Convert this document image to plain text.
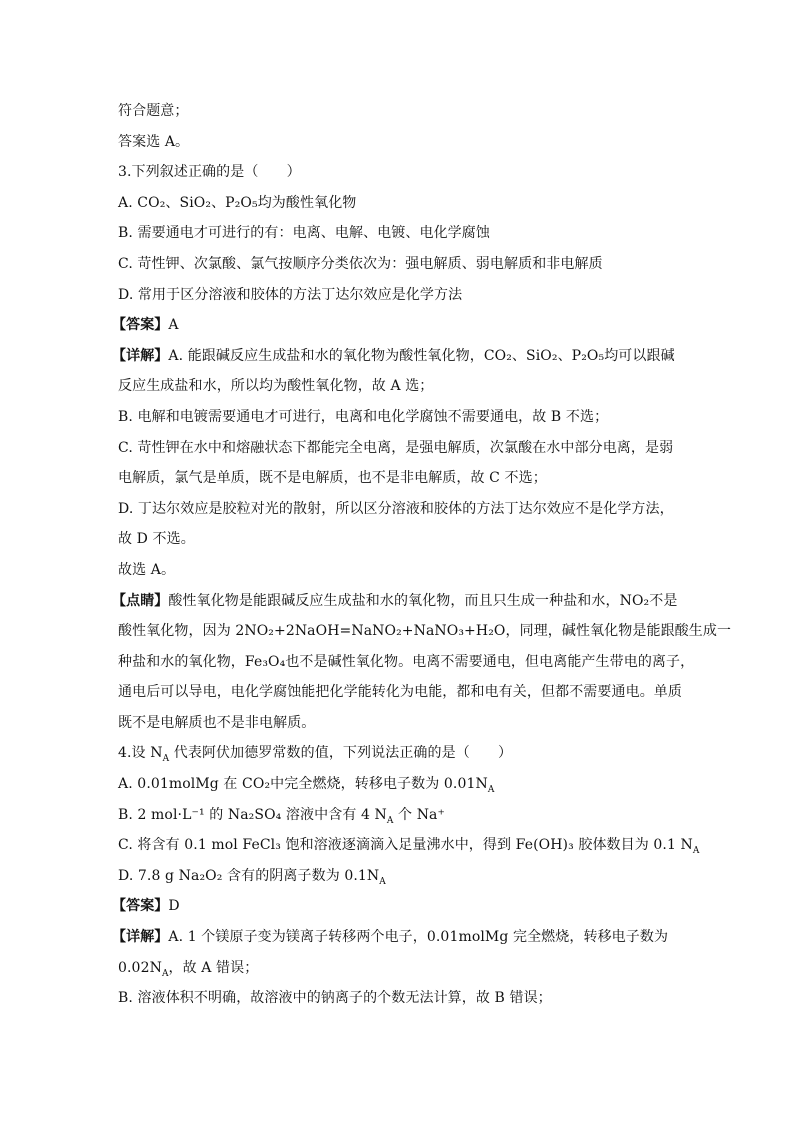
符合题意；
答案选 A。
3.下列叙述正确的是（　　）
A. CO₂、SiO₂、P₂O₅均为酸性氧化物
B. 需要通电才可进行的有：电离、电解、电镀、电化学腐蚀
C. 苛性钾、次氯酸、氯气按顺序分类依次为：强电解质、弱电解质和非电解质
D. 常用于区分溶液和胶体的方法丁达尔效应是化学方法
【答案】A
【详解】A. 能跟碱反应生成盐和水的氧化物为酸性氧化物，CO₂、SiO₂、P₂O₅均可以跟碱
反应生成盐和水，所以均为酸性氧化物，故 A 选；
B. 电解和电镀需要通电才可进行，电离和电化学腐蚀不需要通电，故 B 不选；
C. 苛性钾在水中和熔融状态下都能完全电离，是强电解质，次氯酸在水中部分电离，是弱
电解质，氯气是单质，既不是电解质，也不是非电解质，故 C 不选；
D. 丁达尔效应是胶粒对光的散射，所以区分溶液和胶体的方法丁达尔效应不是化学方法，
故 D 不选。
故选 A。
【点睛】酸性氧化物是能跟碱反应生成盐和水的氧化物，而且只生成一种盐和水，NO₂不是
酸性氧化物，因为 2NO₂+2NaOH=NaNO₂+NaNO₃+H₂O，同理，碱性氧化物是能跟酸生成一
种盐和水的氧化物，Fe₃O₄也不是碱性氧化物。电离不需要通电，但电离能产生带电的离子，
通电后可以导电，电化学腐蚀能把化学能转化为电能，都和电有关，但都不需要通电。单质
既不是电解质也不是非电解质。
4.设 $N_A$ 代表阿伏加德罗常数的值，下列说法正确的是（　　）
A. 0.01molMg 在 CO₂中完全燃烧，转移电子数为 $0.01N_A$
B. 2 mol·L⁻¹ 的 Na₂SO₄ 溶液中含有 4 $N_A$ 个 Na⁺
C. 将含有 0.1 mol FeCl₃ 饱和溶液逐滴滴入足量沸水中，得到 Fe(OH)₃ 胶体数目为 0.1 $N_A$
D. 7.8 g Na₂O₂ 含有的阴离子数为 $0.1N_A$
【答案】D
【详解】A. 1 个镁原子变为镁离子转移两个电子，0.01molMg 完全燃烧，转移电子数为
$0.02N_A$，故 A 错误；
B. 溶液体积不明确，故溶液中的钠离子的个数无法计算，故 B 错误；
